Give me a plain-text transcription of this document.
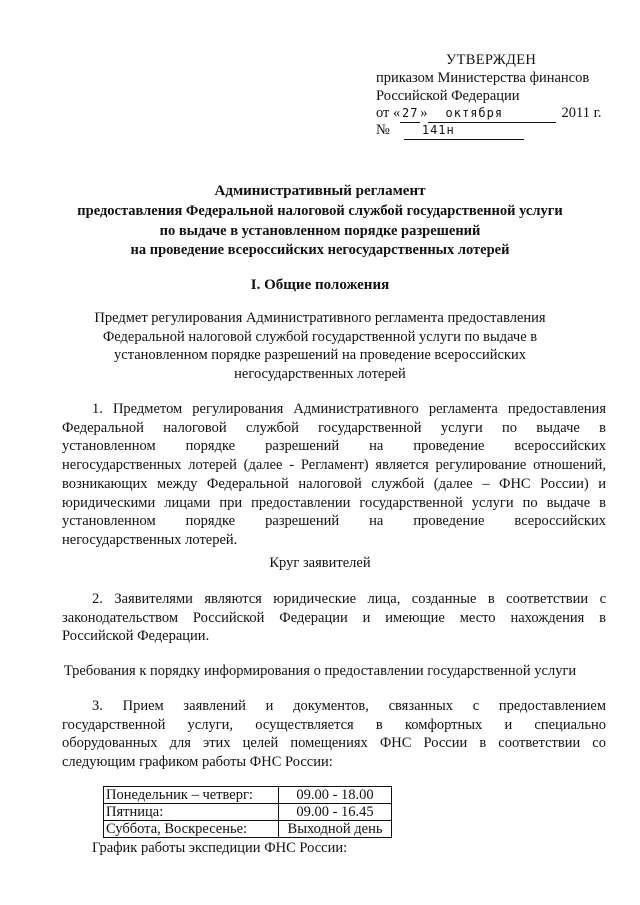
УТВЕРЖДЕН
приказом Министерства финансов
Российской Федерации
от « 27 » октября	2011 г.
№	141н
Административный регламент
предоставления Федеральной налоговой службой государственной услуги
по выдаче в установленном порядке разрешений
на проведение всероссийских негосударственных лотерей
I. Общие положения
Предмет регулирования Административного регламента предоставления
Федеральной налоговой службой государственной услуги по выдаче в
установленном порядке разрешений на проведение всероссийских
негосударственных лотерей
1. Предметом регулирования Административного регламента предоставления
Федеральной налоговой службой государственной услуги по выдаче в
установленном порядке разрешений на проведение всероссийских
негосударственных лотерей (далее - Регламент) является регулирование отношений,
возникающих между Федеральной налоговой службой (далее – ФНС России) и
юридическими лицами при предоставлении государственной услуги по выдаче в
установленном порядке разрешений на проведение всероссийских
негосударственных лотерей.
Круг заявителей
2. Заявителями являются юридические лица, созданные в соответствии с
законодательством Российской Федерации и имеющие место нахождения в
Российской Федерации.
Требования к порядку информирования о предоставлении государственной услуги
3. Прием заявлений и документов, связанных с предоставлением
государственной услуги, осуществляется в комфортных и специально
оборудованных для этих целей помещениях ФНС России в соответствии со
следующим графиком работы ФНС России:
Понедельник – четверг:	09.00 - 18.00
Пятница:	09.00 - 16.45
Суббота, Воскресенье:	Выходной день
График работы экспедиции ФНС России:
